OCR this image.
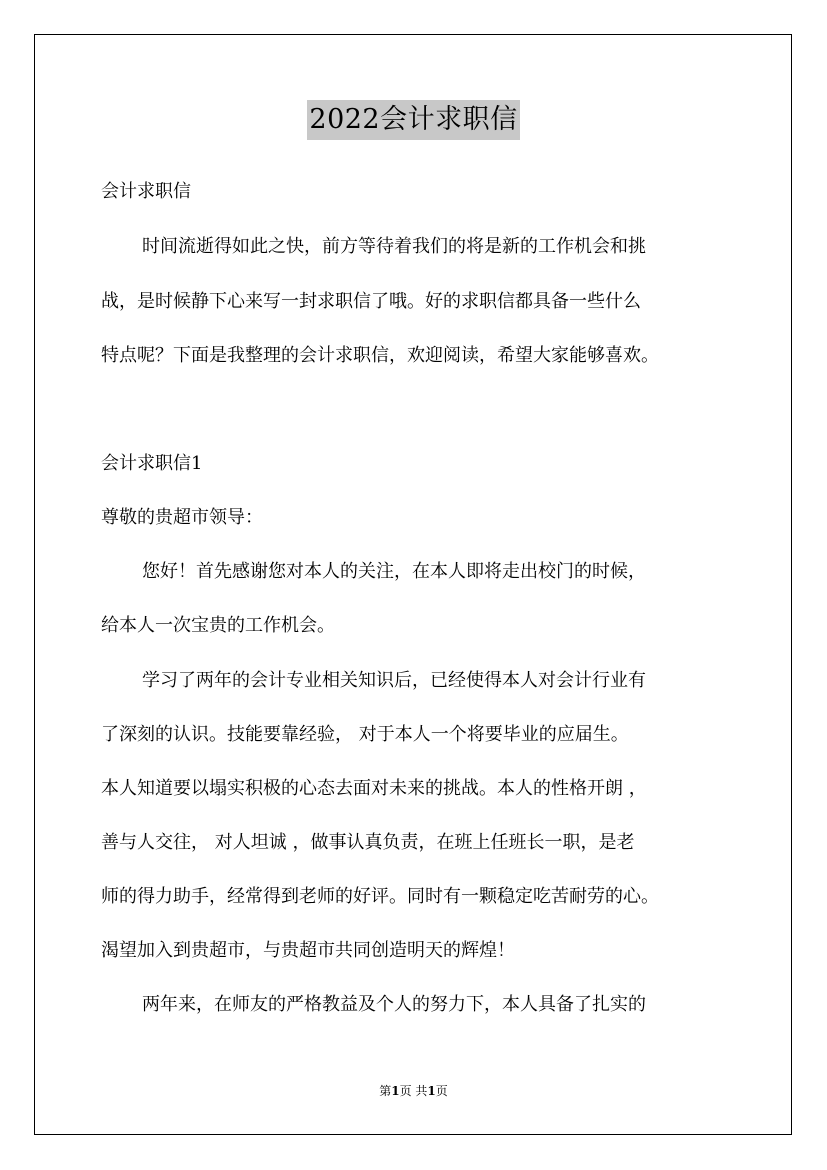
2022会计求职信
会计求职信
时间流逝得如此之快，前方等待着我们的将是新的工作机会和挑
战，是时候静下心来写一封求职信了哦。好的求职信都具备一些什么
特点呢？下面是我整理的会计求职信，欢迎阅读，希望大家能够喜欢。
会计求职信1
尊敬的贵超市领导：
您好！首先感谢您对本人的关注，在本人即将走出校门的时候，
给本人一次宝贵的工作机会。
学习了两年的会计专业相关知识后，已经使得本人对会计行业有
了深刻的认识。技能要靠经验， 对于本人一个将要毕业的应届生。
本人知道要以塌实积极的心态去面对未来的挑战。本人的性格开朗 ，
善与人交往， 对人坦诚 ，做事认真负责，在班上任班长一职，是老
师的得力助手，经常得到老师的好评。同时有一颗稳定吃苦耐劳的心。
渴望加入到贵超市，与贵超市共同创造明天的辉煌！
两年来，在师友的严格教益及个人的努力下，本人具备了扎实的
第1页 共1页
